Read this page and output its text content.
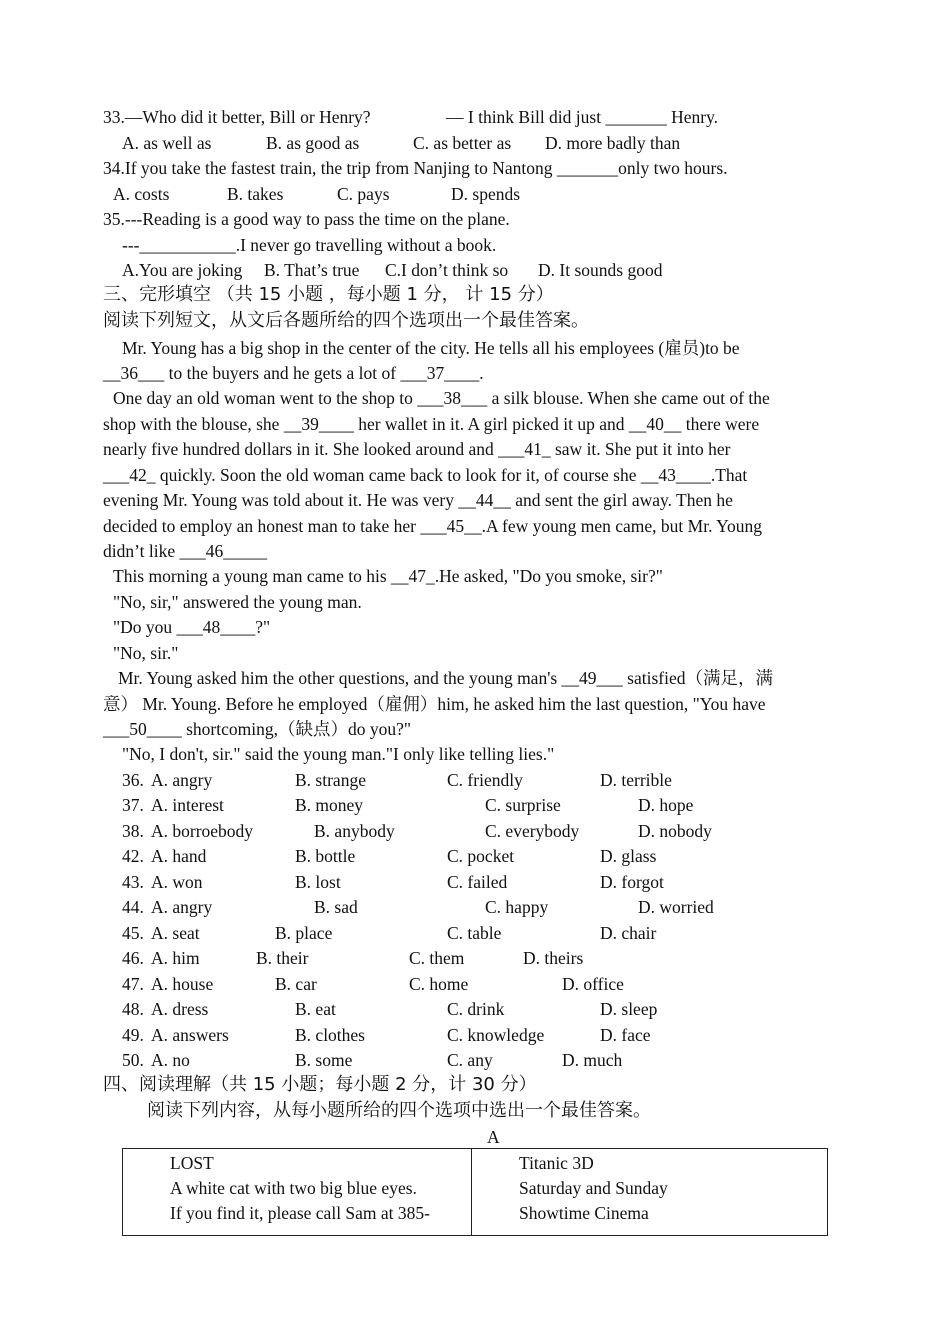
33.—Who did it better, Bill or Henry?	— I think Bill did just _______ Henry.
A. as well as	B. as good as	C. as better as D. more badly than
34.If you take the fastest train, the trip from Nanjing to Nantong _______only two hours.
A. costs	B. takes	C. pays	D. spends
35.---Reading is a good way to pass the time on the plane.
---___________.I never go travelling without a book.
A.You are joking B. That’s true C.I don’t think so D. It sounds good
三、完形填空 （共 15 小题 ，每小题 1 分， 计 15 分）
阅读下列短文，从文后各题所给的四个选项出一个最佳答案。
Mr. Young has a big shop in the center of the city. He tells all his employees (雇员)to be
__36___ to the buyers and he gets a lot of ___37____.
One day an old woman went to the shop to ___38___ a silk blouse. When she came out of the
shop with the blouse, she __39____ her wallet in it. A girl picked it up and __40__ there were
nearly five hundred dollars in it. She looked around and ___41_ saw it. She put it into her
___42_ quickly. Soon the old woman came back to look for it, of course she __43____.That
evening Mr. Young was told about it. He was very __44__ and sent the girl away. Then he
decided to employ an honest man to take her ___45__.A few young men came, but Mr. Young
didn’t like ___46_____
This morning a young man came to his __47_.He asked, "Do you smoke, sir?"
"No, sir," answered the young man.
"Do you ___48____?"
"No, sir."
Mr. Young asked him the other questions, and the young man's __49___ satisfied（满足，满
意） Mr. Young. Before he employed（雇佣）him, he asked him the last question, "You have
___50____ shortcoming,（缺点）do you?"
"No, I don't, sir." said the young man."I only like telling lies."
36. A. angry	B. strange	C. friendly	D. terrible
37. A. interest	B. money	C. surprise	D. hope
38. A. borroebody	B. anybody	C. everybody	D. nobody
42. A. hand	B. bottle	C. pocket	D. glass
43. A. won	B. lost	C. failed	D. forgot
44. A. angry	B. sad	C. happy	D. worried
45. A. seat	B. place	C. table	D. chair
46. A. him	B. their	C. them	D. theirs
47. A. house	B. car	C. home	D. office
48. A. dress	B. eat	C. drink	D. sleep
49. A. answers	B. clothes	C. knowledge	D. face
50. A. no	B. some	C. any	D. much
四、阅读理解（共 15 小题；每小题 2 分，计 30 分）
阅读下列内容，从每小题所给的四个选项中选出一个最佳答案。
A
LOST
A white cat with two big blue eyes.
If you find it, please call Sam at 385-
Titanic 3D
Saturday and Sunday
Showtime Cinema
